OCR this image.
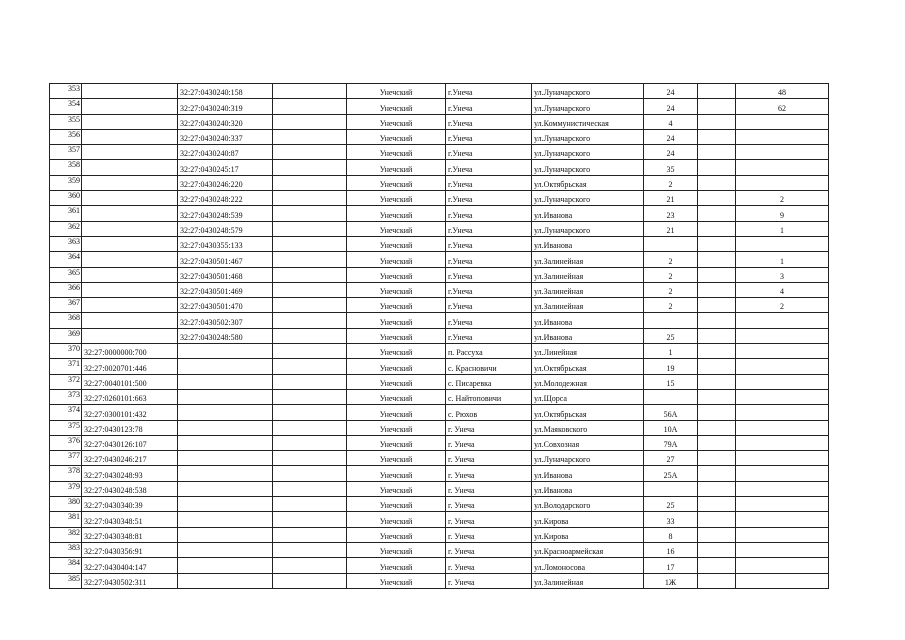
353		32:27:0430240:158		Унечский	г.Унеча	ул.Луначарского	24		48
354		32:27:0430240:319		Унечский	г.Унеча	ул.Луначарского	24		62
355		32:27:0430240:320		Унечский	г.Унеча	ул.Коммунистическая	4		
356		32:27:0430240:337		Унечский	г.Унеча	ул.Луначарского	24		
357		32:27:0430240:87		Унечский	г.Унеча	ул.Луначарского	24		
358		32:27:0430245:17		Унечский	г.Унеча	ул.Луначарского	35		
359		32:27:0430246:220		Унечский	г.Унеча	ул.Октябрьская	2		
360		32:27:0430248:222		Унечский	г.Унеча	ул.Луначарского	21		2
361		32:27:0430248:539		Унечский	г.Унеча	ул.Иванова	23		9
362		32:27:0430248:579		Унечский	г.Унеча	ул.Луначарского	21		1
363		32:27:0430355:133		Унечский	г.Унеча	ул.Иванова			
364		32:27:0430501:467		Унечский	г.Унеча	ул.Залинейная	2		1
365		32:27:0430501:468		Унечский	г.Унеча	ул.Залинейная	2		3
366		32:27:0430501:469		Унечский	г.Унеча	ул.Залинейная	2		4
367		32:27:0430501:470		Унечский	г.Унеча	ул.Залинейная	2		2
368		32:27:0430502:307		Унечский	г.Унеча	ул.Иванова			
369		32:27:0430248:580		Унечский	г.Унеча	ул.Иванова	25		
370	32:27:0000000:700			Унечский	п. Рассуха	ул.Линейная	1		
371	32:27:0020701:446			Унечский	с. Красновичи	ул.Октябрьская	19		
372	32:27:0040101:500			Унечский	с. Писаревка	ул.Молодежная	15		
373	32:27:0260101:663			Унечский	с. Найтоповичи	ул.Щорса			
374	32:27:0300101:432			Унечский	с. Рюхов	ул.Октябрьская	56А		
375	32:27:0430123:78			Унечский	г. Унеча	ул.Маяковского	10А		
376	32:27:0430126:107			Унечский	г. Унеча	ул.Совхозная	79А		
377	32:27:0430246:217			Унечский	г. Унеча	ул.Луначарского	27		
378	32:27:0430248:93			Унечский	г. Унеча	ул.Иванова	25А		
379	32:27:0430248:538			Унечский	г. Унеча	ул.Иванова			
380	32:27:0430340:39			Унечский	г. Унеча	ул.Володарского	25		
381	32:27:0430348:51			Унечский	г. Унеча	ул.Кирова	33		
382	32:27:0430348:81			Унечский	г. Унеча	ул.Кирова	8		
383	32:27:0430356:91			Унечский	г. Унеча	ул.Красноармейская	16		
384	32:27:0430404:147			Унечский	г. Унеча	ул.Ломоносова	17		
385	32:27:0430502:311			Унечский	г. Унеча	ул.Залинейная	1Ж		
